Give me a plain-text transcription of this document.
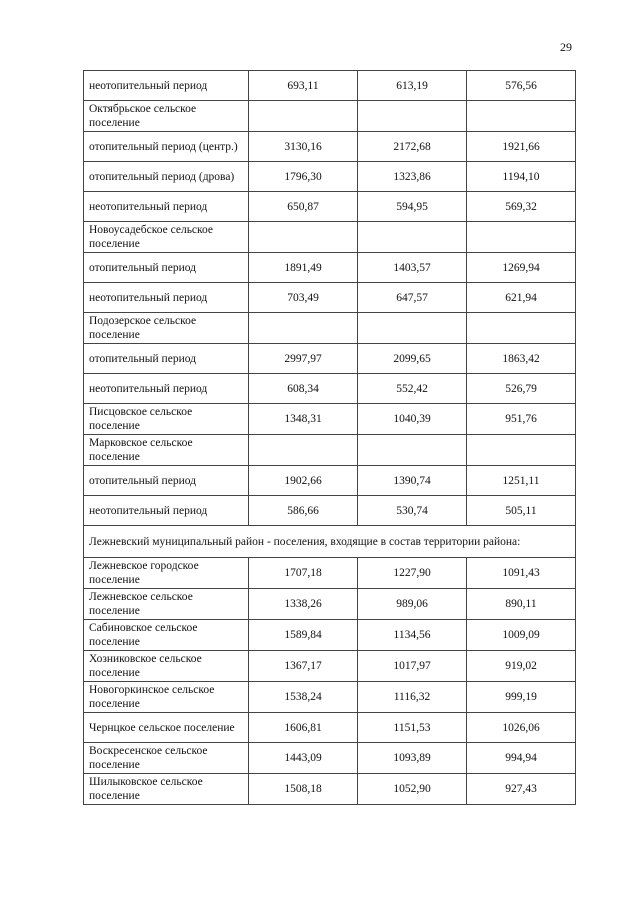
29
неотопительный период	693,11	613,19	576,56
Октябрьское сельское поселение			
отопительный период (центр.)	3130,16	2172,68	1921,66
отопительный период (дрова)	1796,30	1323,86	1194,10
неотопительный период	650,87	594,95	569,32
Новоусадебское сельское поселение			
отопительный период	1891,49	1403,57	1269,94
неотопительный период	703,49	647,57	621,94
Подозерское сельское поселение			
отопительный период	2997,97	2099,65	1863,42
неотопительный период	608,34	552,42	526,79
Писцовское сельское поселение	1348,31	1040,39	951,76
Марковское сельское поселение			
отопительный период	1902,66	1390,74	1251,11
неотопительный период	586,66	530,74	505,11
Лежневский муниципальный район - поселения, входящие в состав территории района:			
Лежневское городское поселение	1707,18	1227,90	1091,43
Лежневское сельское поселение	1338,26	989,06	890,11
Сабиновское сельское поселение	1589,84	1134,56	1009,09
Хозниковское сельское поселение	1367,17	1017,97	919,02
Новогоркинское сельское поселение	1538,24	1116,32	999,19
Чернцкое сельское поселение	1606,81	1151,53	1026,06
Воскресенское сельское поселение	1443,09	1093,89	994,94
Шилыковское сельское поселение	1508,18	1052,90	927,43
